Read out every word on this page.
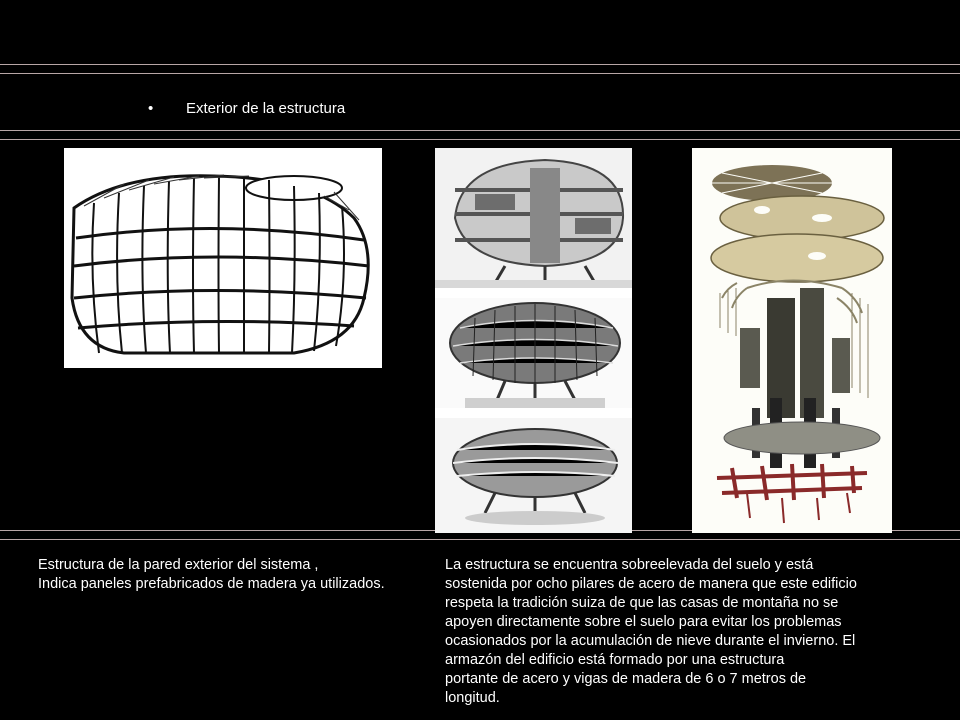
•	Exterior de la estructura
Estructura de la pared exterior del sistema ,
Indica paneles prefabricados de madera ya utilizados.
La estructura se encuentra sobreelevada del suelo y está
sostenida por ocho pilares de acero de manera que este edificio
respeta la tradición suiza de que las casas de montaña no se
apoyen directamente sobre el suelo para evitar los problemas
ocasionados por la acumulación de nieve durante el invierno. El
armazón del edificio está formado por una estructura
portante de acero y vigas de madera de 6 o 7 metros de
longitud.
